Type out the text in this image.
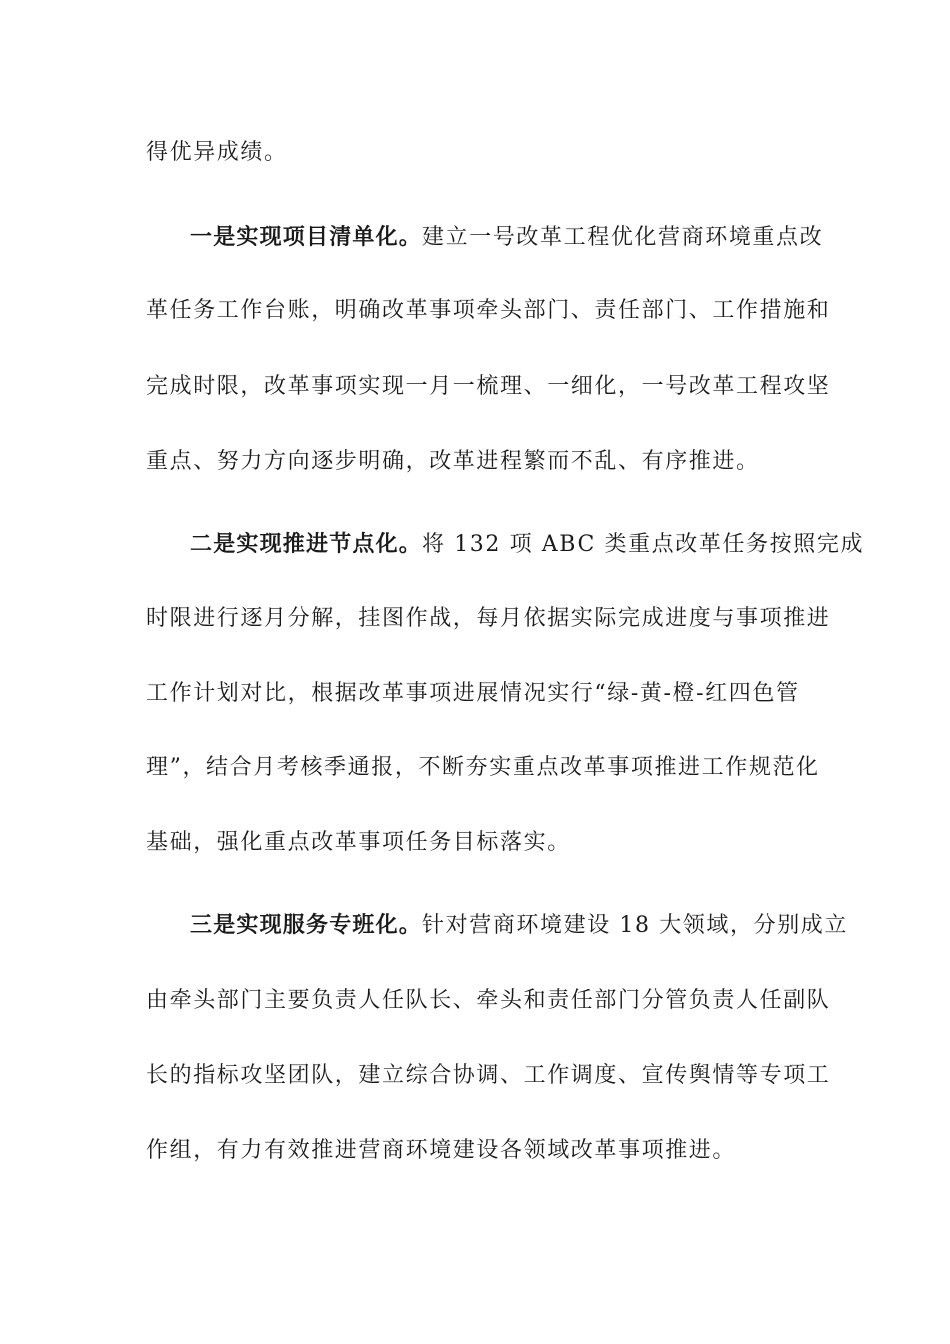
得优异成绩。
一是实现项目清单化。建立一号改革工程优化营商环境重点改
革任务工作台账，明确改革事项牵头部门、责任部门、工作措施和
完成时限，改革事项实现一月一梳理、一细化，一号改革工程攻坚
重点、努力方向逐步明确，改革进程繁而不乱、有序推进。
二是实现推进节点化。将 132 项 ABC 类重点改革任务按照完成
时限进行逐月分解，挂图作战，每月依据实际完成进度与事项推进
工作计划对比，根据改革事项进展情况实行“绿-黄-橙-红四色管
理”，结合月考核季通报，不断夯实重点改革事项推进工作规范化
基础，强化重点改革事项任务目标落实。
三是实现服务专班化。针对营商环境建设 18 大领域，分别成立
由牵头部门主要负责人任队长、牵头和责任部门分管负责人任副队
长的指标攻坚团队，建立综合协调、工作调度、宣传舆情等专项工
作组，有力有效推进营商环境建设各领域改革事项推进。
